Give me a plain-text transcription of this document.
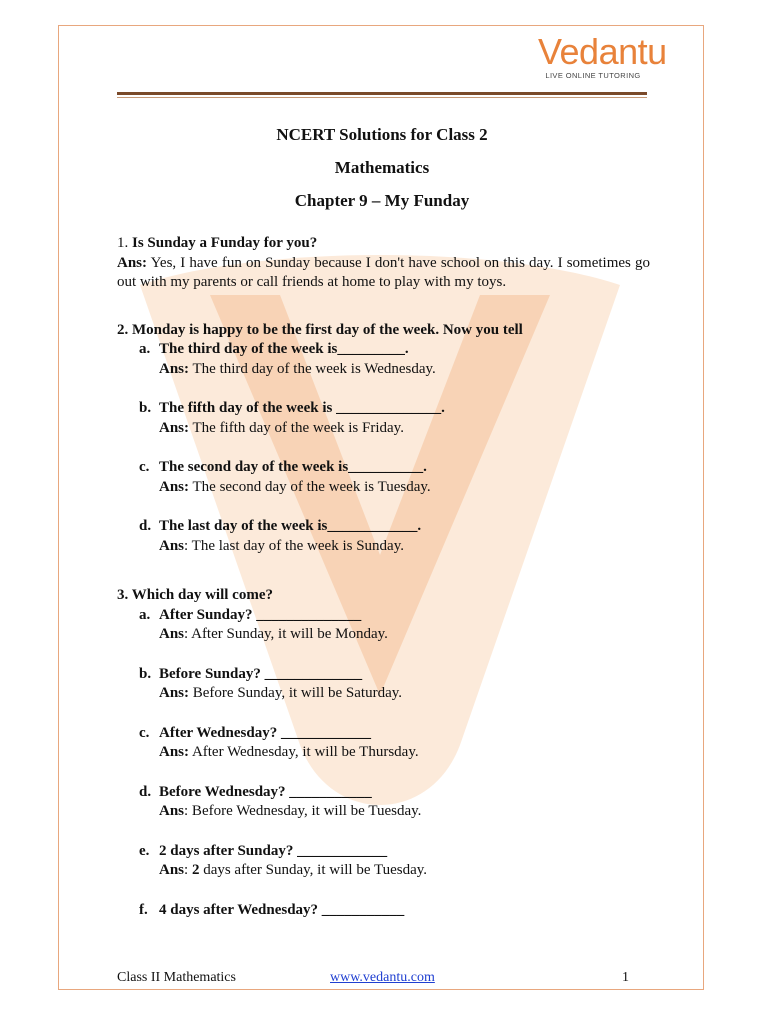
Vedantu
LIVE ONLINE TUTORING
NCERT Solutions for Class 2
Mathematics
Chapter 9 – My Funday
1. Is Sunday a Funday for you?
Ans: Yes, I have fun on Sunday because I don't have school on this day. I sometimes go out with my parents or call friends at home to play with my toys.
2. Monday is happy to be the first day of the week. Now you tell
a. The third day of the week is_________.
Ans: The third day of the week is Wednesday.
b. The fifth day of the week is ______________.
Ans: The fifth day of the week is Friday.
c. The second day of the week is__________.
Ans: The second day of the week is Tuesday.
d. The last day of the week is____________.
Ans: The last day of the week is Sunday.
3. Which day will come?
a. After Sunday? ______________
Ans: After Sunday, it will be Monday.
b. Before Sunday? _____________
Ans: Before Sunday, it will be Saturday.
c. After Wednesday? ____________
Ans: After Wednesday, it will be Thursday.
d. Before Wednesday? ___________
Ans: Before Wednesday, it will be Tuesday.
e. 2 days after Sunday? ____________
Ans: 2 days after Sunday, it will be Tuesday.
f. 4 days after Wednesday? ___________
Class II Mathematics	www.vedantu.com	1
